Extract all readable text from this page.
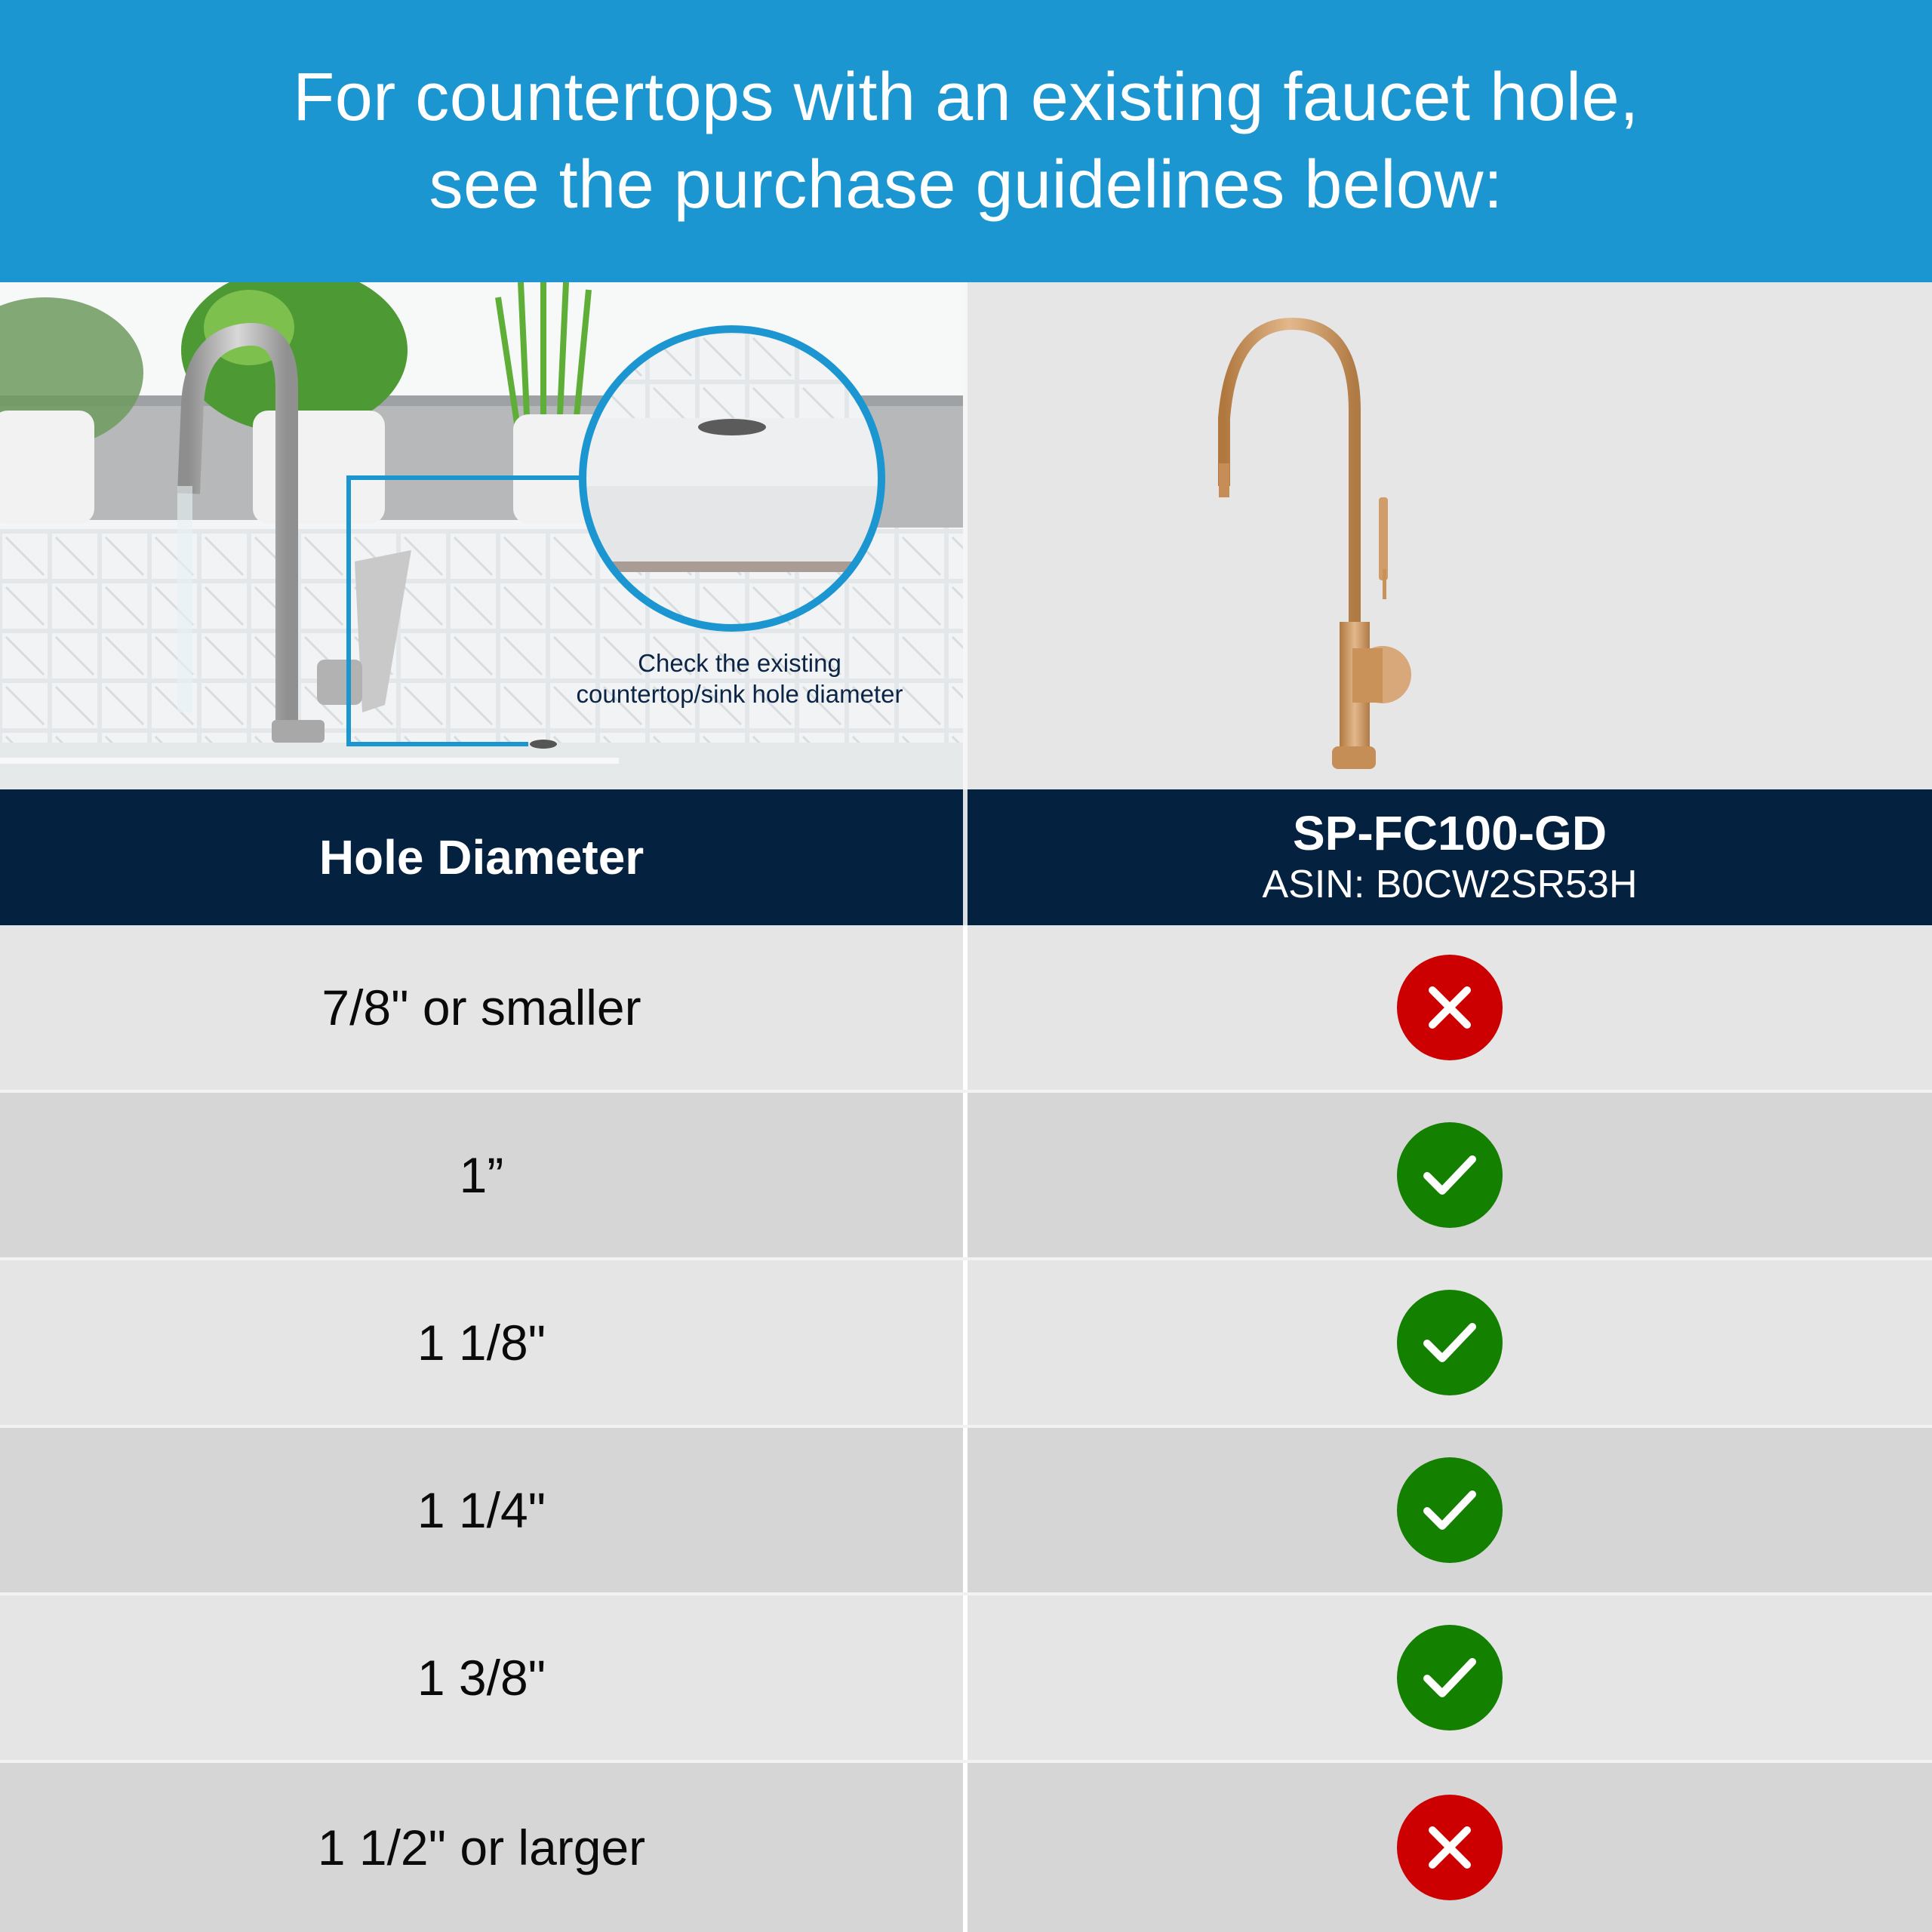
For countertops with an existing faucet hole,
see the purchase guidelines below:
Check the existing
countertop/sink hole diameter
Hole Diameter	SP-FC100-GD
ASIN: B0CW2SR53H
7/8" or smaller
1”
1 1/8"
1 1/4"
1 3/8"
1 1/2" or larger
